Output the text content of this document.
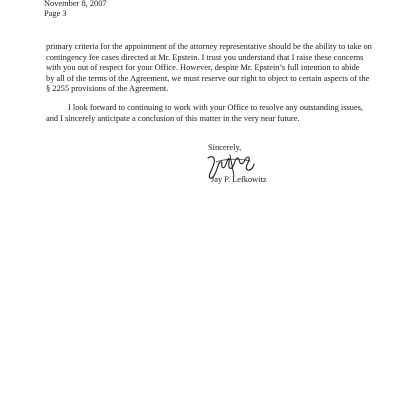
November 8, 2007
Page 3
primary criteria for the appointment of the attorney representative should be the ability to take on
contingency fee cases directed at Mr. Epstein. I trust you understand that I raise these concerns
with you out of respect for your Office. However, despite Mr. Epstein’s full intention to abide
by all of the terms of the Agreement, we must reserve our right to object to certain aspects of the
§ 2255 provisions of the Agreement.
I look forward to continuing to work with your Office to resolve any outstanding issues,
and I sincerely anticipate a conclusion of this matter in the very near future.
Sincerely,
Jay P. Lefkowitz
